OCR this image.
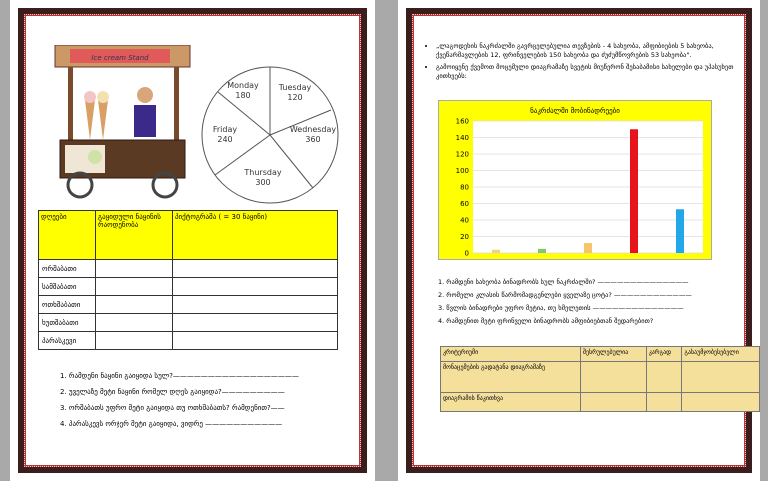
Ice cream Stand
Monday
180
Tuesday
120
Wednesday
360
Thursday
300
Friday
240
დღეები	გაყიდული ნაყინის რაოდენობა	პიქტოგრამა ( = 30 ნაყინი)
ორშაბათი		
სამშაბათი		
ოთხშაბათი		
ხუთშაბათი		
პარასკევი		
1. რამდენი ნაყინი გაიყიდა სულ?——————————————————
2. უველაზე მეტი ნაყინი რომელ დღეს გაიყიდა?—————————
3. ორშაბათს უფრო მეტი გაიყიდა თუ ოთხშაბათს? რამდენით?——
4. პარასკევს ორჯერ მეტი გაიყიდა, ვიდრე ———————————
• „ლაგოდეხის ნაკრძალში გავრცელებულია თევზების - 4 სახეობა, ამფიბიების 5 სახეობა, ქვეწარმავლების 12, ფრინველების 150 სახეობა და ძუძუმწოვრების 53 სახეობა".
• გამოიყენე ქვემოთ მოცემული დიაგრამაზე სვეტის მიუწერონ შესაბამისი სახელები და უპასუხეთ კითხვებს:
ნაკრძალში მობინადრეები
0
20
40
60
80
100
120
140
160
1. რამდენი სახეობა ბინადრობს სულ ნაკრძალში? ——————————————
2. რომელი კლასის წარმომადგენლები ყველაზე ცოტა? ————————————
3. წვლის ბინადრები უფრო მეტია, თუ ხმელეთის ——————————————
4. რამდენით მეტი ფრინველი ბინადრობს ამფიბიებთან შედარებით?
კრიტერიუმი	შესრულებულია	კარგად	გასაუმჯობესებელი
მონაცემების გადატანა დიაგრამაზე			
დიაგრამის წაკითხვა			
